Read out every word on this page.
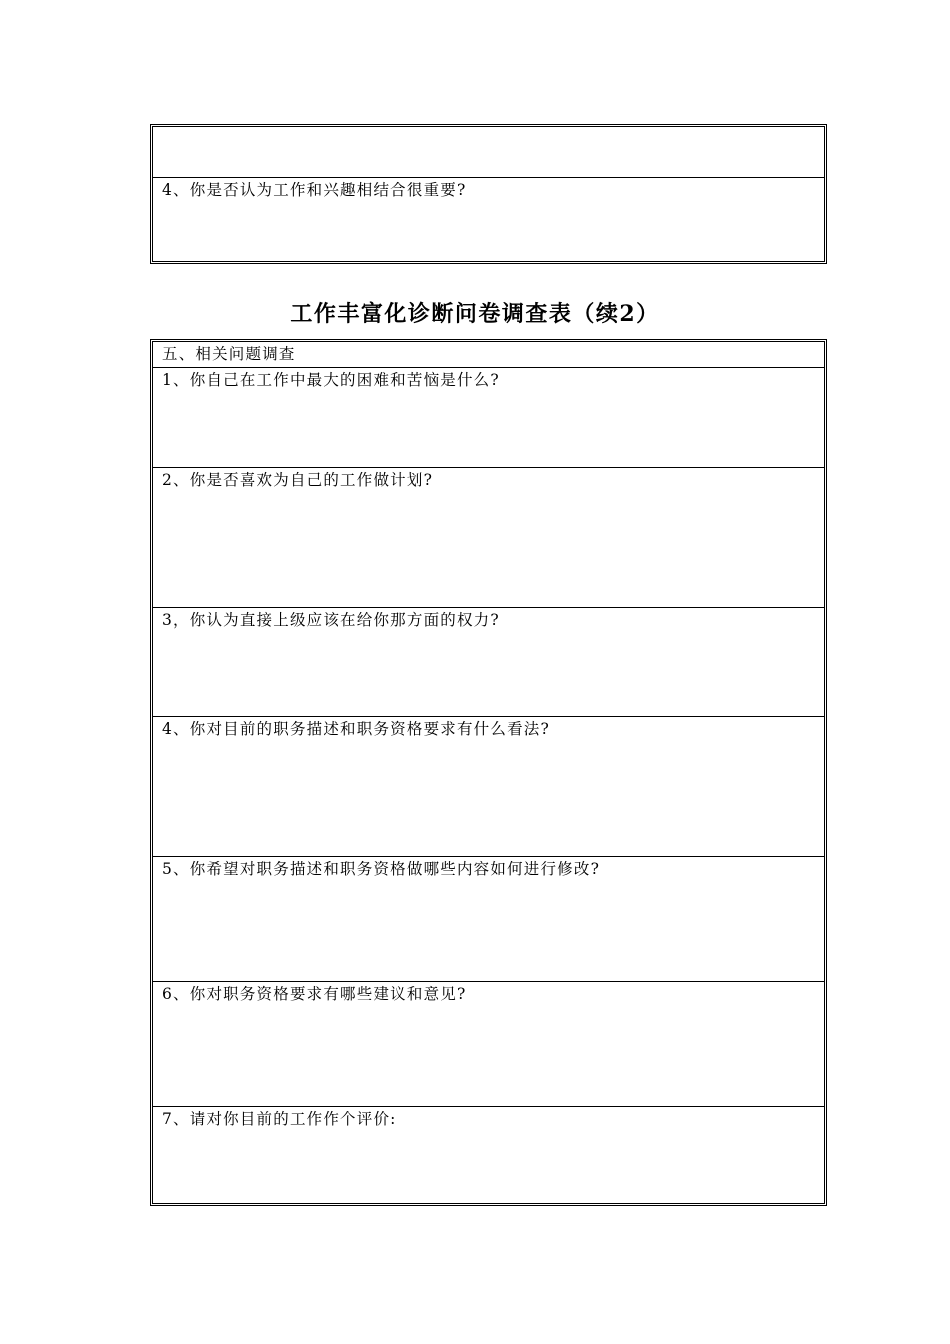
4、你是否认为工作和兴趣相结合很重要?
工作丰富化诊断问卷调查表（续2）
五、相关问题调查
1、你自己在工作中最大的困难和苦恼是什么?
2、你是否喜欢为自己的工作做计划?
3，你认为直接上级应该在给你那方面的权力?
4、你对目前的职务描述和职务资格要求有什么看法?
5、你希望对职务描述和职务资格做哪些内容如何进行修改?
6、你对职务资格要求有哪些建议和意见?
7、请对你目前的工作作个评价:
